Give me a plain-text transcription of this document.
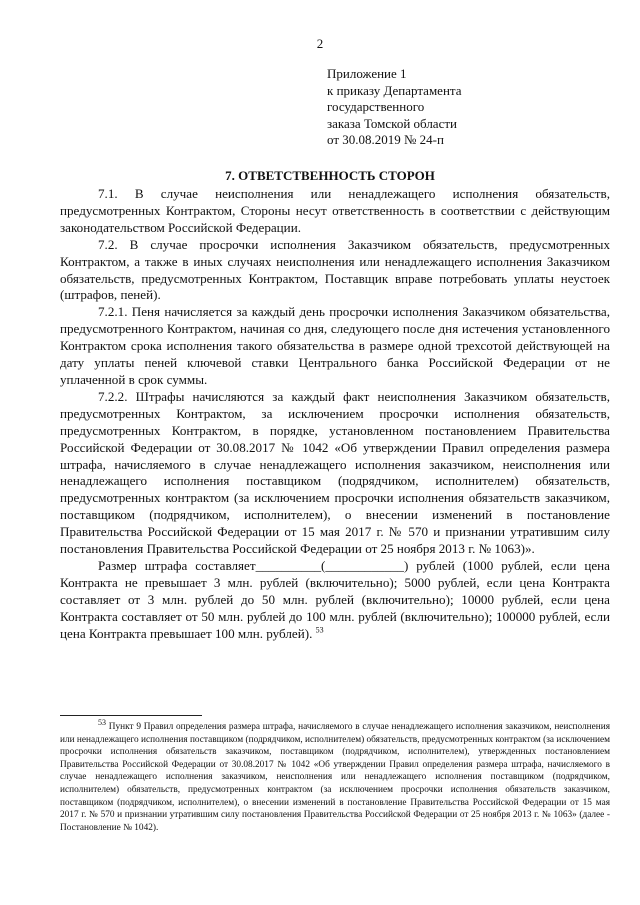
2
Приложение 1
к приказу Департамента
государственного
заказа Томской области
от 30.08.2019 № 24-п
7. ОТВЕТСТВЕННОСТЬ СТОРОН

7.1. В случае неисполнения или ненадлежащего исполнения обязательств, предусмотренных Контрактом, Стороны несут ответственность в соответствии с действующим законодательством Российской Федерации.

7.2. В случае просрочки исполнения Заказчиком обязательств, предусмотренных Контрактом, а также в иных случаях неисполнения или ненадлежащего исполнения Заказчиком обязательств, предусмотренных Контрактом, Поставщик вправе потребовать уплаты неустоек (штрафов, пеней).

7.2.1. Пеня начисляется за каждый день просрочки исполнения Заказчиком обязательства, предусмотренного Контрактом, начиная со дня, следующего после дня истечения установленного Контрактом срока исполнения такого обязательства в размере одной трехсотой действующей на дату уплаты пеней ключевой ставки Центрального банка Российской Федерации от не уплаченной в срок суммы.

7.2.2. Штрафы начисляются за каждый факт неисполнения Заказчиком обязательств, предусмотренных Контрактом, за исключением просрочки исполнения обязательств, предусмотренных Контрактом, в порядке, установленном постановлением Правительства Российской Федерации от 30.08.2017 № 1042 «Об утверждении Правил определения размера штрафа, начисляемого в случае ненадлежащего исполнения заказчиком, неисполнения или ненадлежащего исполнения поставщиком (подрядчиком, исполнителем) обязательств, предусмотренных контрактом (за исключением просрочки исполнения обязательств заказчиком, поставщиком (подрядчиком, исполнителем), о внесении изменений в постановление Правительства Российской Федерации от 15 мая 2017 г. № 570 и признании утратившим силу постановления Правительства Российской Федерации от 25 ноября 2013 г. № 1063)».

Размер штрафа составляет__________(____________) рублей (1000 рублей, если цена Контракта не превышает 3 млн. рублей (включительно); 5000 рублей, если цена Контракта составляет от 3 млн. рублей до 50 млн. рублей (включительно); 10000 рублей, если цена Контракта составляет от 50 млн. рублей до 100 млн. рублей (включительно); 100000 рублей, если цена Контракта превышает 100 млн. рублей). $^{53}$

$^{53}$ Пункт 9 Правил определения размера штрафа, начисляемого в случае ненадлежащего исполнения заказчиком, неисполнения или ненадлежащего исполнения поставщиком (подрядчиком, исполнителем) обязательств, предусмотренных контрактом (за исключением просрочки исполнения обязательств заказчиком, поставщиком (подрядчиком, исполнителем), утвержденных постановлением Правительства Российской Федерации от 30.08.2017 № 1042 «Об утверждении Правил определения размера штрафа, начисляемого в случае ненадлежащего исполнения заказчиком, неисполнения или ненадлежащего исполнения поставщиком (подрядчиком, исполнителем) обязательств, предусмотренных контрактом (за исключением просрочки исполнения обязательств заказчиком, поставщиком (подрядчиком, исполнителем), о внесении изменений в постановление Правительства Российской Федерации от 15 мая 2017 г. № 570 и признании утратившим силу постановления Правительства Российской Федерации от 25 ноября 2013 г. № 1063» (далее - Постановление № 1042).
